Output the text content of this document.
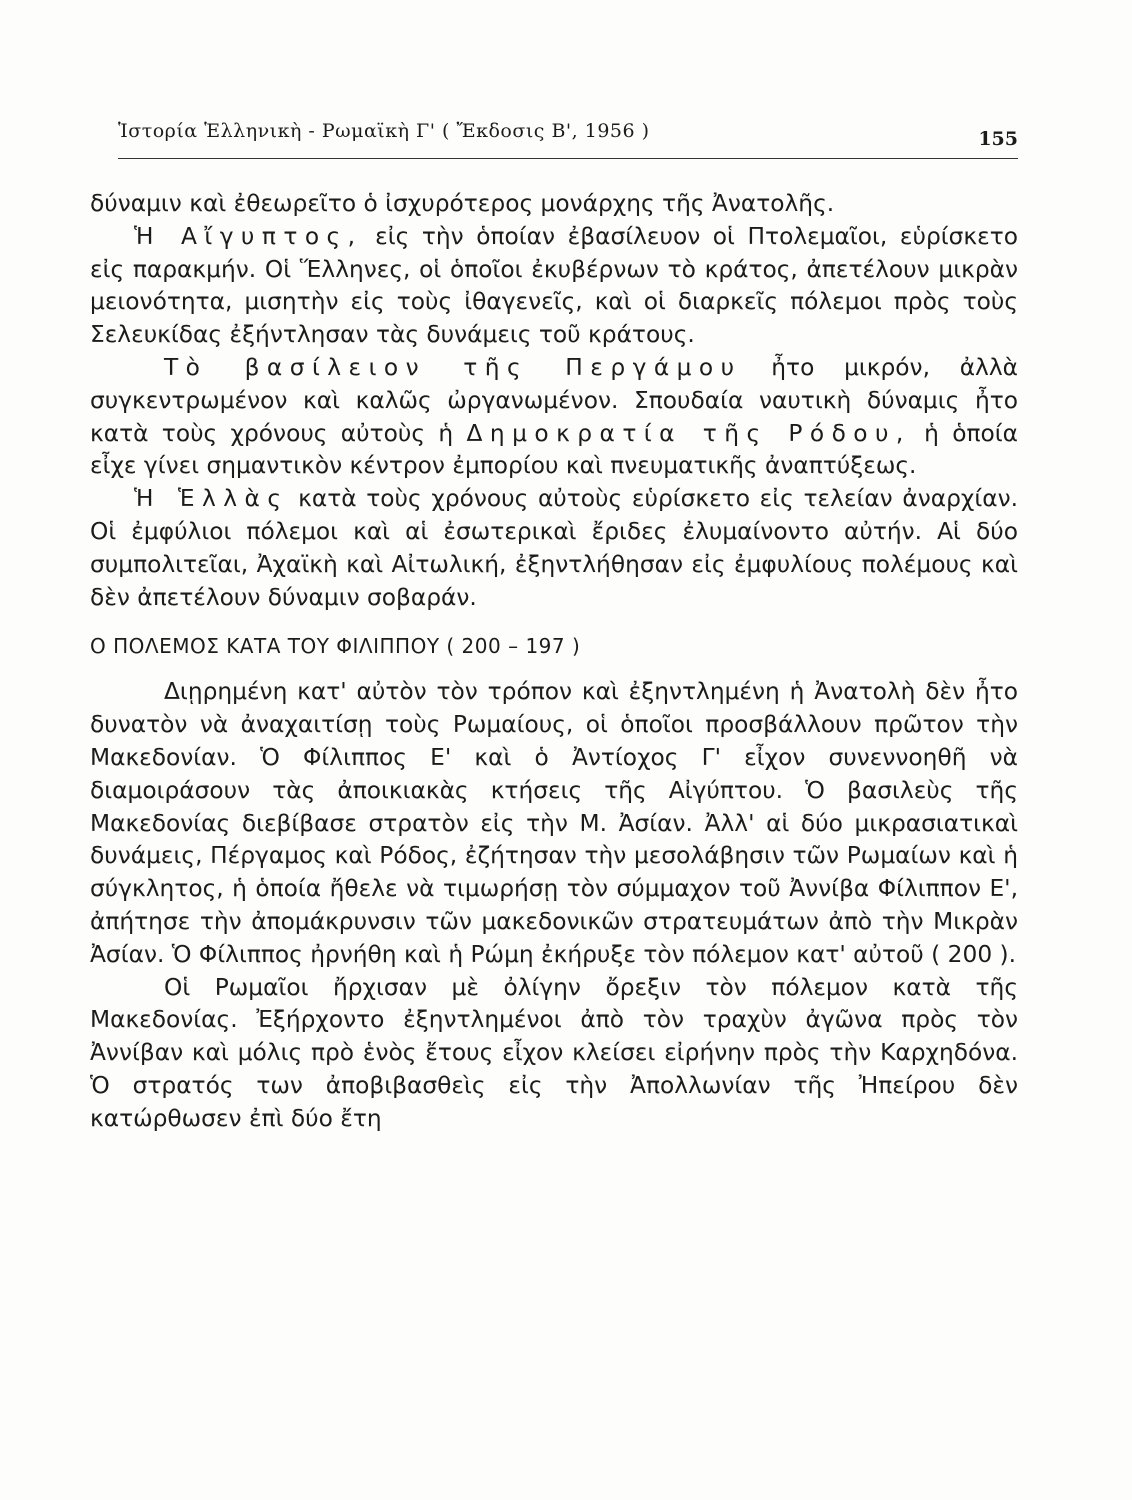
Ἱστορία Ἑλληνικὴ - Ρωμαϊκὴ Γ' ( Ἔκδοσις Β', 1956 )	155

δύναμιν καὶ ἐθεωρεῖτο ὁ ἰσχυρότερος μονάρχης τῆς Ἀνατολῆς.

Ἡ Αἴγυπτος, εἰς τὴν ὁποίαν ἐβασίλευον οἱ Πτολεμαῖοι, εὑρίσκετο εἰς παρακμήν. Οἱ Ἕλληνες, οἱ ὁποῖοι ἐκυβέρνων τὸ κράτος, ἀπετέλουν μικρὰν μειονότητα, μισητὴν εἰς τοὺς ἰθαγενεῖς, καὶ οἱ διαρκεῖς πόλεμοι πρὸς τοὺς Σελευκίδας ἐξήντλησαν τὰς δυνάμεις τοῦ κράτους.

Τὸ βασίλειον τῆς Περγάμου ἦτο μικρόν, ἀλλὰ συγκεντρωμένον καὶ καλῶς ὠργανωμένον. Σπουδαία ναυτικὴ δύναμις ἦτο κατὰ τοὺς χρόνους αὐτοὺς ἡ Δημοκρατία τῆς Ρόδου, ἡ ὁποία εἶχε γίνει σημαντικὸν κέντρον ἐμπορίου καὶ πνευματικῆς ἀναπτύξεως.

Ἡ Ἑλλὰς κατὰ τοὺς χρόνους αὐτοὺς εὑρίσκετο εἰς τελείαν ἀναρχίαν. Οἱ ἐμφύλιοι πόλεμοι καὶ αἱ ἐσωτερικαὶ ἔριδες ἐλυμαίνοντο αὐτήν. Αἱ δύο συμπολιτεῖαι, Ἀχαϊκὴ καὶ Αἰτωλική, ἐξηντλήθησαν εἰς ἐμφυλίους πολέμους καὶ δὲν ἀπετέλουν δύναμιν σοβαράν.

Ο ΠΟΛΕΜΟΣ ΚΑΤΑ ΤΟΥ ΦΙΛΙΠΠΟΥ ( 200 – 197 )

Διῃρημένη κατ' αὐτὸν τὸν τρόπον καὶ ἐξηντλημένη ἡ Ἀνατολὴ δὲν ἦτο δυνατὸν νὰ ἀναχαιτίσῃ τοὺς Ρωμαίους, οἱ ὁποῖοι προσβάλλουν πρῶτον τὴν Μακεδονίαν. Ὁ Φίλιππος Ε' καὶ ὁ Ἀντίοχος Γ' εἶχον συνεννοηθῆ νὰ διαμοιράσουν τὰς ἀποικιακὰς κτήσεις τῆς Αἰγύπτου. Ὁ βασιλεὺς τῆς Μακεδονίας διεβίβασε στρατὸν εἰς τὴν Μ. Ἀσίαν. Ἀλλ' αἱ δύο μικρασιατικαὶ δυνάμεις, Πέργαμος καὶ Ρόδος, ἐζήτησαν τὴν μεσολάβησιν τῶν Ρωμαίων καὶ ἡ σύγκλητος, ἡ ὁποία ἤθελε νὰ τιμωρήσῃ τὸν σύμμαχον τοῦ Ἀννίβα Φίλιππον Ε', ἀπήτησε τὴν ἀπομάκρυνσιν τῶν μακεδονικῶν στρατευμάτων ἀπὸ τὴν Μικρὰν Ἀσίαν. Ὁ Φίλιππος ἠρνήθη καὶ ἡ Ρώμη ἐκήρυξε τὸν πόλεμον κατ' αὐτοῦ ( 200 ).

Οἱ Ρωμαῖοι ἤρχισαν μὲ ὀλίγην ὄρεξιν τὸν πόλεμον κατὰ τῆς Μακεδονίας. Ἐξήρχοντο ἐξηντλημένοι ἀπὸ τὸν τραχὺν ἀγῶνα πρὸς τὸν Ἀννίβαν καὶ μόλις πρὸ ἑνὸς ἔτους εἶχον κλείσει εἰρήνην πρὸς τὴν Καρχηδόνα. Ὁ στρατός των ἀποβιβασθεὶς εἰς τὴν Ἀπολλωνίαν τῆς Ἠπείρου δὲν κατώρθωσεν ἐπὶ δύο ἔτη
